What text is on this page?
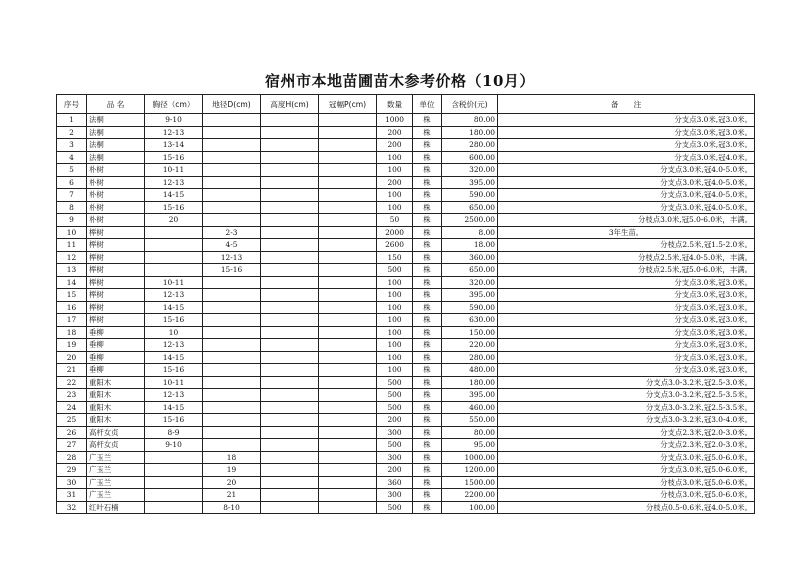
宿州市本地苗圃苗木参考价格（10月）
序号	品 名	胸径（cm）	地径D(cm)	高度H(cm)	冠幅P(cm)	数量	单位	含税价(元)	备　　注
1	法桐	9-10				1000	株	80.00	分支点3.0米,冠3.0米。
2	法桐	12-13				200	株	180.00	分支点3.0米,冠3.0米。
3	法桐	13-14				200	株	280.00	分支点3.0米,冠3.0米。
4	法桐	15-16				100	株	600.00	分支点3.0米,冠4.0米。
5	朴树	10-11				100	株	320.00	分支点3.0米,冠4.0-5.0米。
6	朴树	12-13				200	株	395.00	分支点3.0米,冠4.0-5.0米。
7	朴树	14-15				100	株	590.00	分支点3.0米,冠4.0-5.0米。
8	朴树	15-16				100	株	650.00	分支点3.0米,冠4.0-5.0米。
9	朴树	20				50	株	2500.00	分枝点3.0米,冠5.0-6.0米，丰满。
10	榉树		2-3			2000	株	8.00	3年生苗。
11	榉树		4-5			2600	株	18.00	分枝点2.5米,冠1.5-2.0米。
12	榉树		12-13			150	株	360.00	分枝点2.5米,冠4.0-5.0米，丰满。
13	榉树		15-16			500	株	650.00	分枝点2.5米,冠5.0-6.0米，丰满。
14	榉树	10-11				100	株	320.00	分支点3.0米,冠3.0米。
15	榉树	12-13				100	株	395.00	分支点3.0米,冠3.0米。
16	榉树	14-15				100	株	590.00	分支点3.0米,冠3.0米。
17	榉树	15-16				100	株	630.00	分支点3.0米,冠3.0米。
18	垂柳	10				100	株	150.00	分支点3.0米,冠3.0米。
19	垂柳	12-13				100	株	220.00	分支点3.0米,冠3.0米。
20	垂柳	14-15				100	株	280.00	分支点3.0米,冠3.0米。
21	垂柳	15-16				100	株	480.00	分支点3.0米,冠3.0米。
22	重阳木	10-11				500	株	180.00	分支点3.0-3.2米,冠2.5-3.0米。
23	重阳木	12-13				500	株	395.00	分支点3.0-3.2米,冠2.5-3.5米。
24	重阳木	14-15				500	株	460.00	分支点3.0-3.2米,冠2.5-3.5米。
25	重阳木	15-16				200	株	550.00	分支点3.0-3.2米,冠3.0-4.0米。
26	高杆女贞	8-9				300	株	80.00	分支点2.3米,冠2.0-3.0米。
27	高杆女贞	9-10				500	株	95.00	分支点2.3米,冠2.0-3.0米。
28	广玉兰		18			300	株	1000.00	分支点3.0米,冠5.0-6.0米。
29	广玉兰		19			200	株	1200.00	分支点3.0米,冠5.0-6.0米。
30	广玉兰		20			360	株	1500.00	分枝点3.0米,冠5.0-6.0米。
31	广玉兰		21			300	株	2200.00	分枝点3.0米,冠5.0-6.0米。
32	红叶石楠		8-10			500	株	100.00	分枝点0.5-0.6米,冠4.0-5.0米。
